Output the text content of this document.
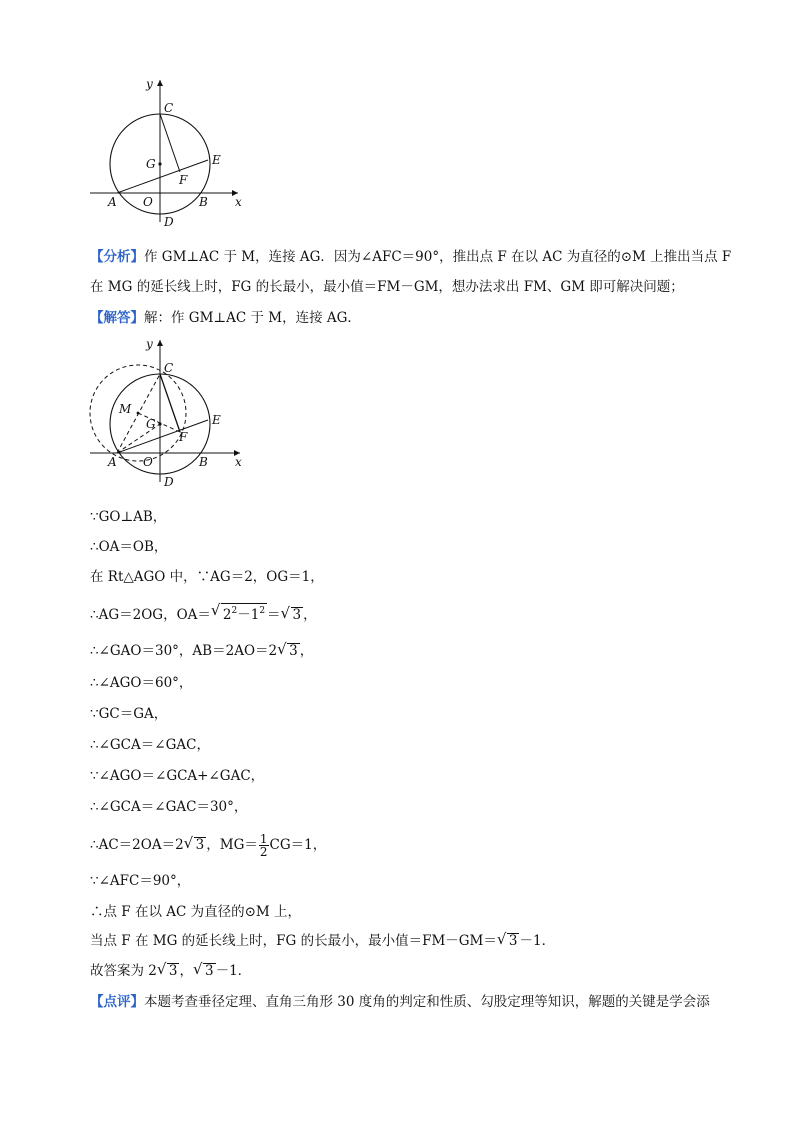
y
C
G	E
F
A O	B x
D
【分析】作 GM⊥AC 于 M，连接 AG．因为∠AFC＝90°，推出点 F 在以 AC 为直径的⊙M 上推出当点 F
在 MG 的延长线上时，FG 的长最小，最小值＝FM－GM，想办法求出 FM、GM 即可解决问题；
【解答】解：作 GM⊥AC 于 M，连接 AG．
y
C
M
G	E
F
A O	B x
D
∵GO⊥AB，
∴OA＝OB，
在 Rt△AGO 中，∵AG＝2，OG＝1，
∴AG＝2OG，OA＝ √ $2^2-1^2$ ＝ √ 3 ，
∴∠GAO＝30°，AB＝2AO＝2 √ 3 ，
∴∠AGO＝60°，
∵GC＝GA，
∴∠GCA＝∠GAC，
∵∠AGO＝∠GCA+∠GAC，
∴∠GCA＝∠GAC＝30°，
∴AC＝2OA＝2 √ 3 ，$MG= \frac{1}{2} CG=1$，
∵∠AFC＝90°，
∴点 F 在以 AC 为直径的⊙M 上，
当点 F 在 MG 的延长线上时，FG 的长最小，最小值＝FM－GM＝ √ 3 －1．
故答案为 2 √ 3 ， √ 3 －1．
【点评】本题考查垂径定理、直角三角形 30 度角的判定和性质、勾股定理等知识，解题的关键是学会添
